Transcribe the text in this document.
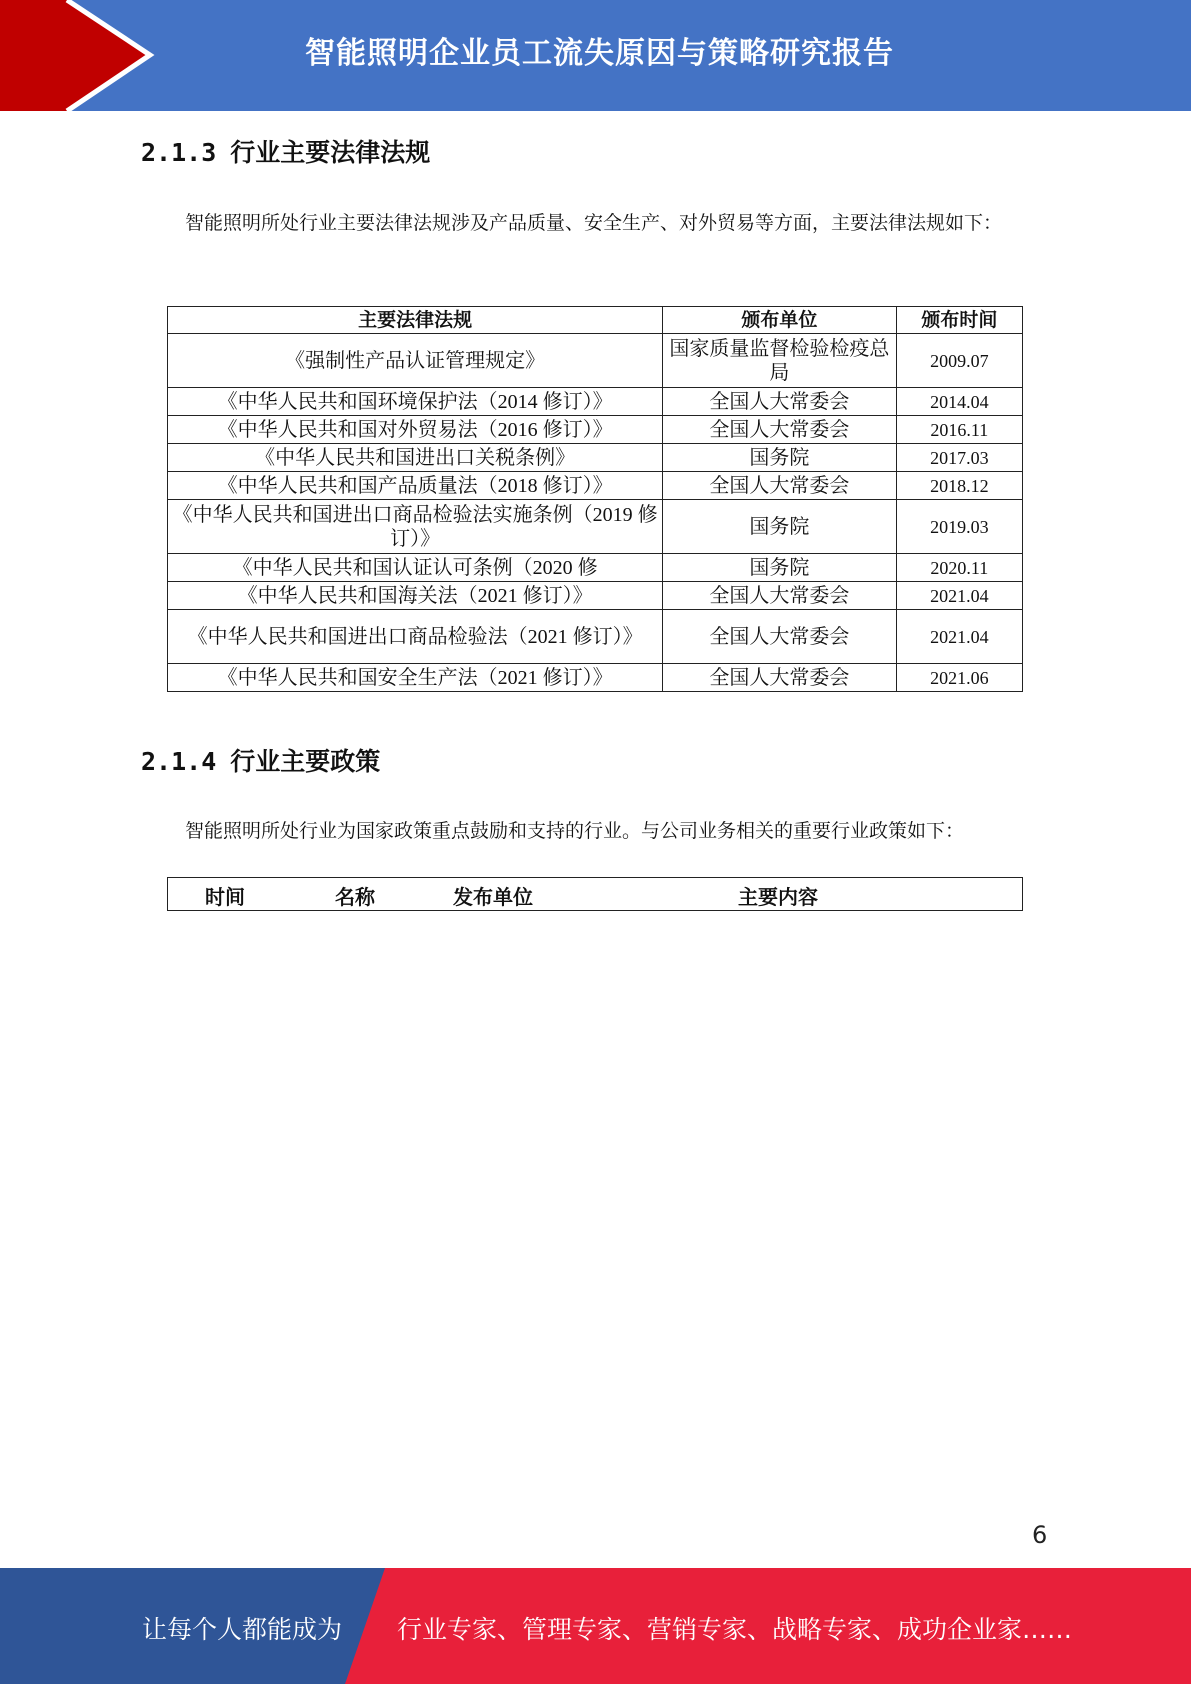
智能照明企业员工流失原因与策略研究报告
2.1.3 行业主要法律法规
智能照明所处行业主要法律法规涉及产品质量、安全生产、对外贸易等方面，主要法律法规如下：
主要法律法规	颁布单位	颁布时间
《强制性产品认证管理规定》	国家质量监督检验检疫总局	2009.07
《中华人民共和国环境保护法（2014 修订）》	全国人大常委会	2014.04
《中华人民共和国对外贸易法（2016 修订）》	全国人大常委会	2016.11
《中华人民共和国进出口关税条例》	国务院	2017.03
《中华人民共和国产品质量法（2018 修订）》	全国人大常委会	2018.12
《中华人民共和国进出口商品检验法实施条例（2019 修订）》	国务院	2019.03
《中华人民共和国认证认可条例（2020 修	国务院	2020.11
《中华人民共和国海关法（2021 修订）》	全国人大常委会	2021.04
《中华人民共和国进出口商品检验法（2021 修订）》	全国人大常委会	2021.04
《中华人民共和国安全生产法（2021 修订）》	全国人大常委会	2021.06
2.1.4 行业主要政策
智能照明所处行业为国家政策重点鼓励和支持的行业。与公司业务相关的重要行业政策如下：
时间	名称	发布单位	主要内容
6
让每个人都能成为 行业专家、管理专家、营销专家、战略专家、成功企业家……
